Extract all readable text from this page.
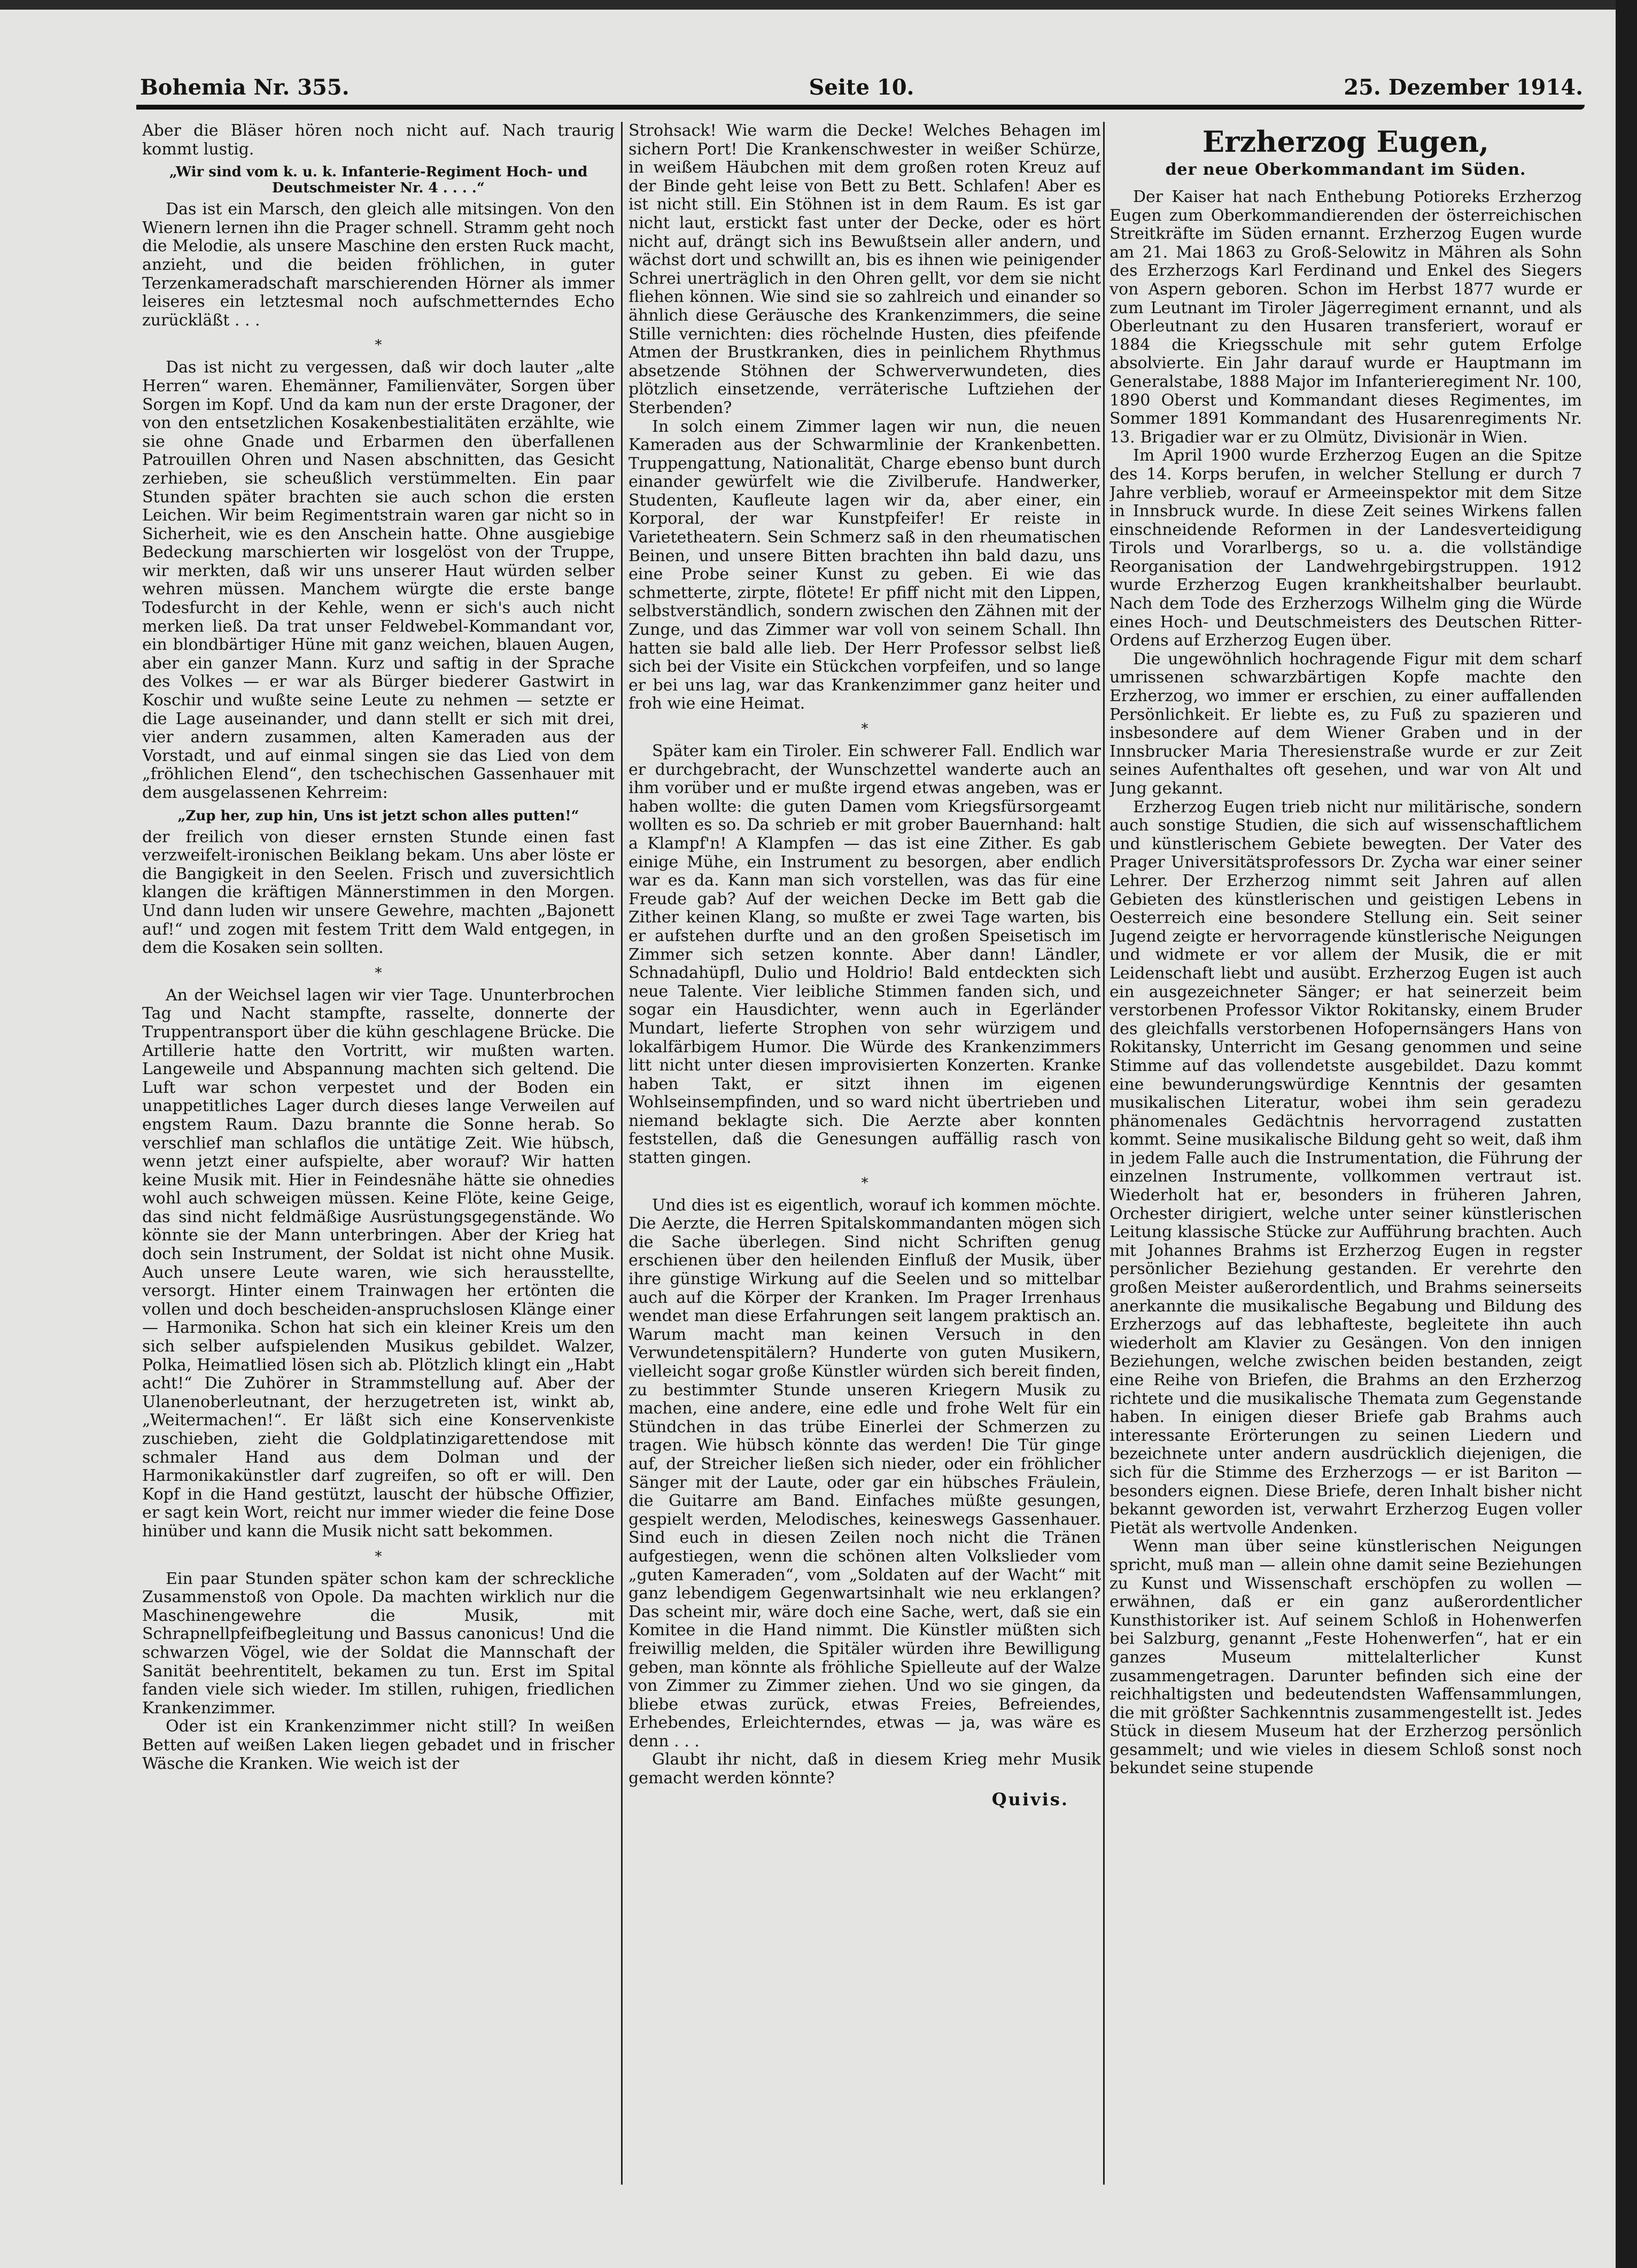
Bohemia Nr. 355.	Seite 10.	25. Dezember 1914.
Aber die Bläser hören noch nicht auf. Nach traurig kommt lustig.
„Wir sind vom k. u. k. Infanterie-Regiment Hoch- und Deutschmeister Nr. 4 . . . .“
Das ist ein Marsch, den gleich alle mitsingen. Von den Wienern lernen ihn die Prager schnell. Stramm geht noch die Melodie, als unsere Maschine den ersten Ruck macht, anzieht, und die beiden fröhlichen, in guter Terzenkameradschaft marschierenden Hörner als immer leiseres ein letztesmal noch aufschmetterndes Echo zurückläßt . . .
*
Das ist nicht zu vergessen, daß wir doch lauter „alte Herren“ waren. Ehemänner, Familienväter, Sorgen über Sorgen im Kopf. Und da kam nun der erste Dragoner, der von den entsetzlichen Kosakenbestialitäten erzählte, wie sie ohne Gnade und Erbarmen den überfallenen Patrouillen Ohren und Nasen abschnitten, das Gesicht zerhieben, sie scheußlich verstümmelten. Ein paar Stunden später brachten sie auch schon die ersten Leichen. Wir beim Regimentstrain waren gar nicht so in Sicherheit, wie es den Anschein hatte. Ohne ausgiebige Bedeckung marschierten wir losgelöst von der Truppe, wir merkten, daß wir uns unserer Haut würden selber wehren müssen. Manchem würgte die erste bange Todesfurcht in der Kehle, wenn er sich's auch nicht merken ließ. Da trat unser Feldwebel-Kommandant vor, ein blondbärtiger Hüne mit ganz weichen, blauen Augen, aber ein ganzer Mann. Kurz und saftig in der Sprache des Volkes — er war als Bürger biederer Gastwirt in Koschir und wußte seine Leute zu nehmen — setzte er die Lage auseinander, und dann stellt er sich mit drei, vier andern zusammen, alten Kameraden aus der Vorstadt, und auf einmal singen sie das Lied von dem „fröhlichen Elend“, den tschechischen Gassenhauer mit dem ausgelassenen Kehrreim:
„Zup her, zup hin, Uns ist jetzt schon alles putten!“
der freilich von dieser ernsten Stunde einen fast verzweifelt-ironischen Beiklang bekam. Uns aber löste er die Bangigkeit in den Seelen. Frisch und zuversichtlich klangen die kräftigen Männerstimmen in den Morgen. Und dann luden wir unsere Gewehre, machten „Bajonett auf!“ und zogen mit festem Tritt dem Wald entgegen, in dem die Kosaken sein sollten.
*
An der Weichsel lagen wir vier Tage. Ununterbrochen Tag und Nacht stampfte, rasselte, donnerte der Truppentransport über die kühn geschlagene Brücke. Die Artillerie hatte den Vortritt, wir mußten warten. Langeweile und Abspannung machten sich geltend. Die Luft war schon verpestet und der Boden ein unappetitliches Lager durch dieses lange Verweilen auf engstem Raum. Dazu brannte die Sonne herab. So verschlief man schlaflos die untätige Zeit. Wie hübsch, wenn jetzt einer aufspielte, aber worauf? Wir hatten keine Musik mit. Hier in Feindesnähe hätte sie ohnedies wohl auch schweigen müssen. Keine Flöte, keine Geige, das sind nicht feldmäßige Ausrüstungsgegenstände. Wo könnte sie der Mann unterbringen. Aber der Krieg hat doch sein Instrument, der Soldat ist nicht ohne Musik. Auch unsere Leute waren, wie sich herausstellte, versorgt. Hinter einem Trainwagen her ertönten die vollen und doch bescheiden-anspruchslosen Klänge einer — Harmonika. Schon hat sich ein kleiner Kreis um den sich selber aufspielenden Musikus gebildet. Walzer, Polka, Heimatlied lösen sich ab. Plötzlich klingt ein „Habt acht!“ Die Zuhörer in Strammstellung auf. Aber der Ulanenoberleutnant, der herzugetreten ist, winkt ab, „Weitermachen!“. Er läßt sich eine Konservenkiste zuschieben, zieht die Goldplatinzigarettendose mit schmaler Hand aus dem Dolman und der Harmonikakünstler darf zugreifen, so oft er will. Den Kopf in die Hand gestützt, lauscht der hübsche Offizier, er sagt kein Wort, reicht nur immer wieder die feine Dose hinüber und kann die Musik nicht satt bekommen.
*
Ein paar Stunden später schon kam der schreckliche Zusammenstoß von Opole. Da machten wirklich nur die Maschinengewehre die Musik, mit Schrapnellpfeifbegleitung und Bassus canonicus! Und die schwarzen Vögel, wie der Soldat die Mannschaft der Sanität beehrentitelt, bekamen zu tun. Erst im Spital fanden viele sich wieder. Im stillen, ruhigen, friedlichen Krankenzimmer.
Oder ist ein Krankenzimmer nicht still? In weißen Betten auf weißen Laken liegen gebadet und in frischer Wäsche die Kranken. Wie weich ist der
Strohsack! Wie warm die Decke! Welches Behagen im sichern Port! Die Krankenschwester in weißer Schürze, in weißem Häubchen mit dem großen roten Kreuz auf der Binde geht leise von Bett zu Bett. Schlafen! Aber es ist nicht still. Ein Stöhnen ist in dem Raum. Es ist gar nicht laut, erstickt fast unter der Decke, oder es hört nicht auf, drängt sich ins Bewußtsein aller andern, und wächst dort und schwillt an, bis es ihnen wie peinigender Schrei unerträglich in den Ohren gellt, vor dem sie nicht fliehen können. Wie sind sie so zahlreich und einander so ähnlich diese Geräusche des Krankenzimmers, die seine Stille vernichten: dies röchelnde Husten, dies pfeifende Atmen der Brustkranken, dies in peinlichem Rhythmus absetzende Stöhnen der Schwerverwundeten, dies plötzlich einsetzende, verräterische Luftziehen der Sterbenden?
In solch einem Zimmer lagen wir nun, die neuen Kameraden aus der Schwarmlinie der Krankenbetten. Truppengattung, Nationalität, Charge ebenso bunt durch einander gewürfelt wie die Zivilberufe. Handwerker, Studenten, Kaufleute lagen wir da, aber einer, ein Korporal, der war Kunstpfeifer! Er reiste in Varietetheatern. Sein Schmerz saß in den rheumatischen Beinen, und unsere Bitten brachten ihn bald dazu, uns eine Probe seiner Kunst zu geben. Ei wie das schmetterte, zirpte, flötete! Er pfiff nicht mit den Lippen, selbstverständlich, sondern zwischen den Zähnen mit der Zunge, und das Zimmer war voll von seinem Schall. Ihn hatten sie bald alle lieb. Der Herr Professor selbst ließ sich bei der Visite ein Stückchen vorpfeifen, und so lange er bei uns lag, war das Krankenzimmer ganz heiter und froh wie eine Heimat.
*
Später kam ein Tiroler. Ein schwerer Fall. Endlich war er durchgebracht, der Wunschzettel wanderte auch an ihm vorüber und er mußte irgend etwas angeben, was er haben wollte: die guten Damen vom Kriegsfürsorgeamt wollten es so. Da schrieb er mit grober Bauernhand: halt a Klampf'n! A Klampfen — das ist eine Zither. Es gab einige Mühe, ein Instrument zu besorgen, aber endlich war es da. Kann man sich vorstellen, was das für eine Freude gab? Auf der weichen Decke im Bett gab die Zither keinen Klang, so mußte er zwei Tage warten, bis er aufstehen durfte und an den großen Speisetisch im Zimmer sich setzen konnte. Aber dann! Ländler, Schnadahüpfl, Dulio und Holdrio! Bald entdeckten sich neue Talente. Vier leibliche Stimmen fanden sich, und sogar ein Hausdichter, wenn auch in Egerländer Mundart, lieferte Strophen von sehr würzigem und lokalfärbigem Humor. Die Würde des Krankenzimmers litt nicht unter diesen improvisierten Konzerten. Kranke haben Takt, er sitzt ihnen im eigenen Wohlseinsempfinden, und so ward nicht übertrieben und niemand beklagte sich. Die Aerzte aber konnten feststellen, daß die Genesungen auffällig rasch von statten gingen.
*
Und dies ist es eigentlich, worauf ich kommen möchte. Die Aerzte, die Herren Spitalskommandanten mögen sich die Sache überlegen. Sind nicht Schriften genug erschienen über den heilenden Einfluß der Musik, über ihre günstige Wirkung auf die Seelen und so mittelbar auch auf die Körper der Kranken. Im Prager Irrenhaus wendet man diese Erfahrungen seit langem praktisch an. Warum macht man keinen Versuch in den Verwundetenspitälern? Hunderte von guten Musikern, vielleicht sogar große Künstler würden sich bereit finden, zu bestimmter Stunde unseren Kriegern Musik zu machen, eine andere, eine edle und frohe Welt für ein Stündchen in das trübe Einerlei der Schmerzen zu tragen. Wie hübsch könnte das werden! Die Tür ginge auf, der Streicher ließen sich nieder, oder ein fröhlicher Sänger mit der Laute, oder gar ein hübsches Fräulein, die Guitarre am Band. Einfaches müßte gesungen, gespielt werden, Melodisches, keineswegs Gassenhauer. Sind euch in diesen Zeilen noch nicht die Tränen aufgestiegen, wenn die schönen alten Volkslieder vom „guten Kameraden“, vom „Soldaten auf der Wacht“ mit ganz lebendigem Gegenwartsinhalt wie neu erklangen? Das scheint mir, wäre doch eine Sache, wert, daß sie ein Komitee in die Hand nimmt. Die Künstler müßten sich freiwillig melden, die Spitäler würden ihre Bewilligung geben, man könnte als fröhliche Spielleute auf der Walze von Zimmer zu Zimmer ziehen. Und wo sie gingen, da bliebe etwas zurück, etwas Freies, Befreiendes, Erhebendes, Erleichterndes, etwas — ja, was wäre es denn . . .
Glaubt ihr nicht, daß in diesem Krieg mehr Musik gemacht werden könnte?
Quivis.
Erzherzog Eugen,
der neue Oberkommandant im Süden.
Der Kaiser hat nach Enthebung Potioreks Erzherzog Eugen zum Oberkommandierenden der österreichischen Streitkräfte im Süden ernannt. Erzherzog Eugen wurde am 21. Mai 1863 zu Groß-Selowitz in Mähren als Sohn des Erzherzogs Karl Ferdinand und Enkel des Siegers von Aspern geboren. Schon im Herbst 1877 wurde er zum Leutnant im Tiroler Jägerregiment ernannt, und als Oberleutnant zu den Husaren transferiert, worauf er 1884 die Kriegsschule mit sehr gutem Erfolge absolvierte. Ein Jahr darauf wurde er Hauptmann im Generalstabe, 1888 Major im Infanterieregiment Nr. 100, 1890 Oberst und Kommandant dieses Regimentes, im Sommer 1891 Kommandant des Husarenregiments Nr. 13. Brigadier war er zu Olmütz, Divisionär in Wien.
Im April 1900 wurde Erzherzog Eugen an die Spitze des 14. Korps berufen, in welcher Stellung er durch 7 Jahre verblieb, worauf er Armeeinspektor mit dem Sitze in Innsbruck wurde. In diese Zeit seines Wirkens fallen einschneidende Reformen in der Landesverteidigung Tirols und Vorarlbergs, so u. a. die vollständige Reorganisation der Landwehrgebirgstruppen. 1912 wurde Erzherzog Eugen krankheitshalber beurlaubt. Nach dem Tode des Erzherzogs Wilhelm ging die Würde eines Hoch- und Deutschmeisters des Deutschen Ritter-Ordens auf Erzherzog Eugen über.
Die ungewöhnlich hochragende Figur mit dem scharf umrissenen schwarzbärtigen Kopfe machte den Erzherzog, wo immer er erschien, zu einer auffallenden Persönlichkeit. Er liebte es, zu Fuß zu spazieren und insbesondere auf dem Wiener Graben und in der Innsbrucker Maria Theresienstraße wurde er zur Zeit seines Aufenthaltes oft gesehen, und war von Alt und Jung gekannt.
Erzherzog Eugen trieb nicht nur militärische, sondern auch sonstige Studien, die sich auf wissenschaftlichem und künstlerischem Gebiete bewegten. Der Vater des Prager Universitätsprofessors Dr. Zycha war einer seiner Lehrer. Der Erzherzog nimmt seit Jahren auf allen Gebieten des künstlerischen und geistigen Lebens in Oesterreich eine besondere Stellung ein. Seit seiner Jugend zeigte er hervorragende künstlerische Neigungen und widmete er vor allem der Musik, die er mit Leidenschaft liebt und ausübt. Erzherzog Eugen ist auch ein ausgezeichneter Sänger; er hat seinerzeit beim verstorbenen Professor Viktor Rokitansky, einem Bruder des gleichfalls verstorbenen Hofopernsängers Hans von Rokitansky, Unterricht im Gesang genommen und seine Stimme auf das vollendetste ausgebildet. Dazu kommt eine bewunderungswürdige Kenntnis der gesamten musikalischen Literatur, wobei ihm sein geradezu phänomenales Gedächtnis hervorragend zustatten kommt. Seine musikalische Bildung geht so weit, daß ihm in jedem Falle auch die Instrumentation, die Führung der einzelnen Instrumente, vollkommen vertraut ist. Wiederholt hat er, besonders in früheren Jahren, Orchester dirigiert, welche unter seiner künstlerischen Leitung klassische Stücke zur Aufführung brachten. Auch mit Johannes Brahms ist Erzherzog Eugen in regster persönlicher Beziehung gestanden. Er verehrte den großen Meister außerordentlich, und Brahms seinerseits anerkannte die musikalische Begabung und Bildung des Erzherzogs auf das lebhafteste, begleitete ihn auch wiederholt am Klavier zu Gesängen. Von den innigen Beziehungen, welche zwischen beiden bestanden, zeigt eine Reihe von Briefen, die Brahms an den Erzherzog richtete und die musikalische Themata zum Gegenstande haben. In einigen dieser Briefe gab Brahms auch interessante Erörterungen zu seinen Liedern und bezeichnete unter andern ausdrücklich diejenigen, die sich für die Stimme des Erzherzogs — er ist Bariton — besonders eignen. Diese Briefe, deren Inhalt bisher nicht bekannt geworden ist, verwahrt Erzherzog Eugen voller Pietät als wertvolle Andenken.
Wenn man über seine künstlerischen Neigungen spricht, muß man — allein ohne damit seine Beziehungen zu Kunst und Wissenschaft erschöpfen zu wollen — erwähnen, daß er ein ganz außerordentlicher Kunsthistoriker ist. Auf seinem Schloß in Hohenwerfen bei Salzburg, genannt „Feste Hohenwerfen“, hat er ein ganzes Museum mittelalterlicher Kunst zusammengetragen. Darunter befinden sich eine der reichhaltigsten und bedeutendsten Waffensammlungen, die mit größter Sachkenntnis zusammengestellt ist. Jedes Stück in diesem Museum hat der Erzherzog persönlich gesammelt; und wie vieles in diesem Schloß sonst noch bekundet seine stupende
